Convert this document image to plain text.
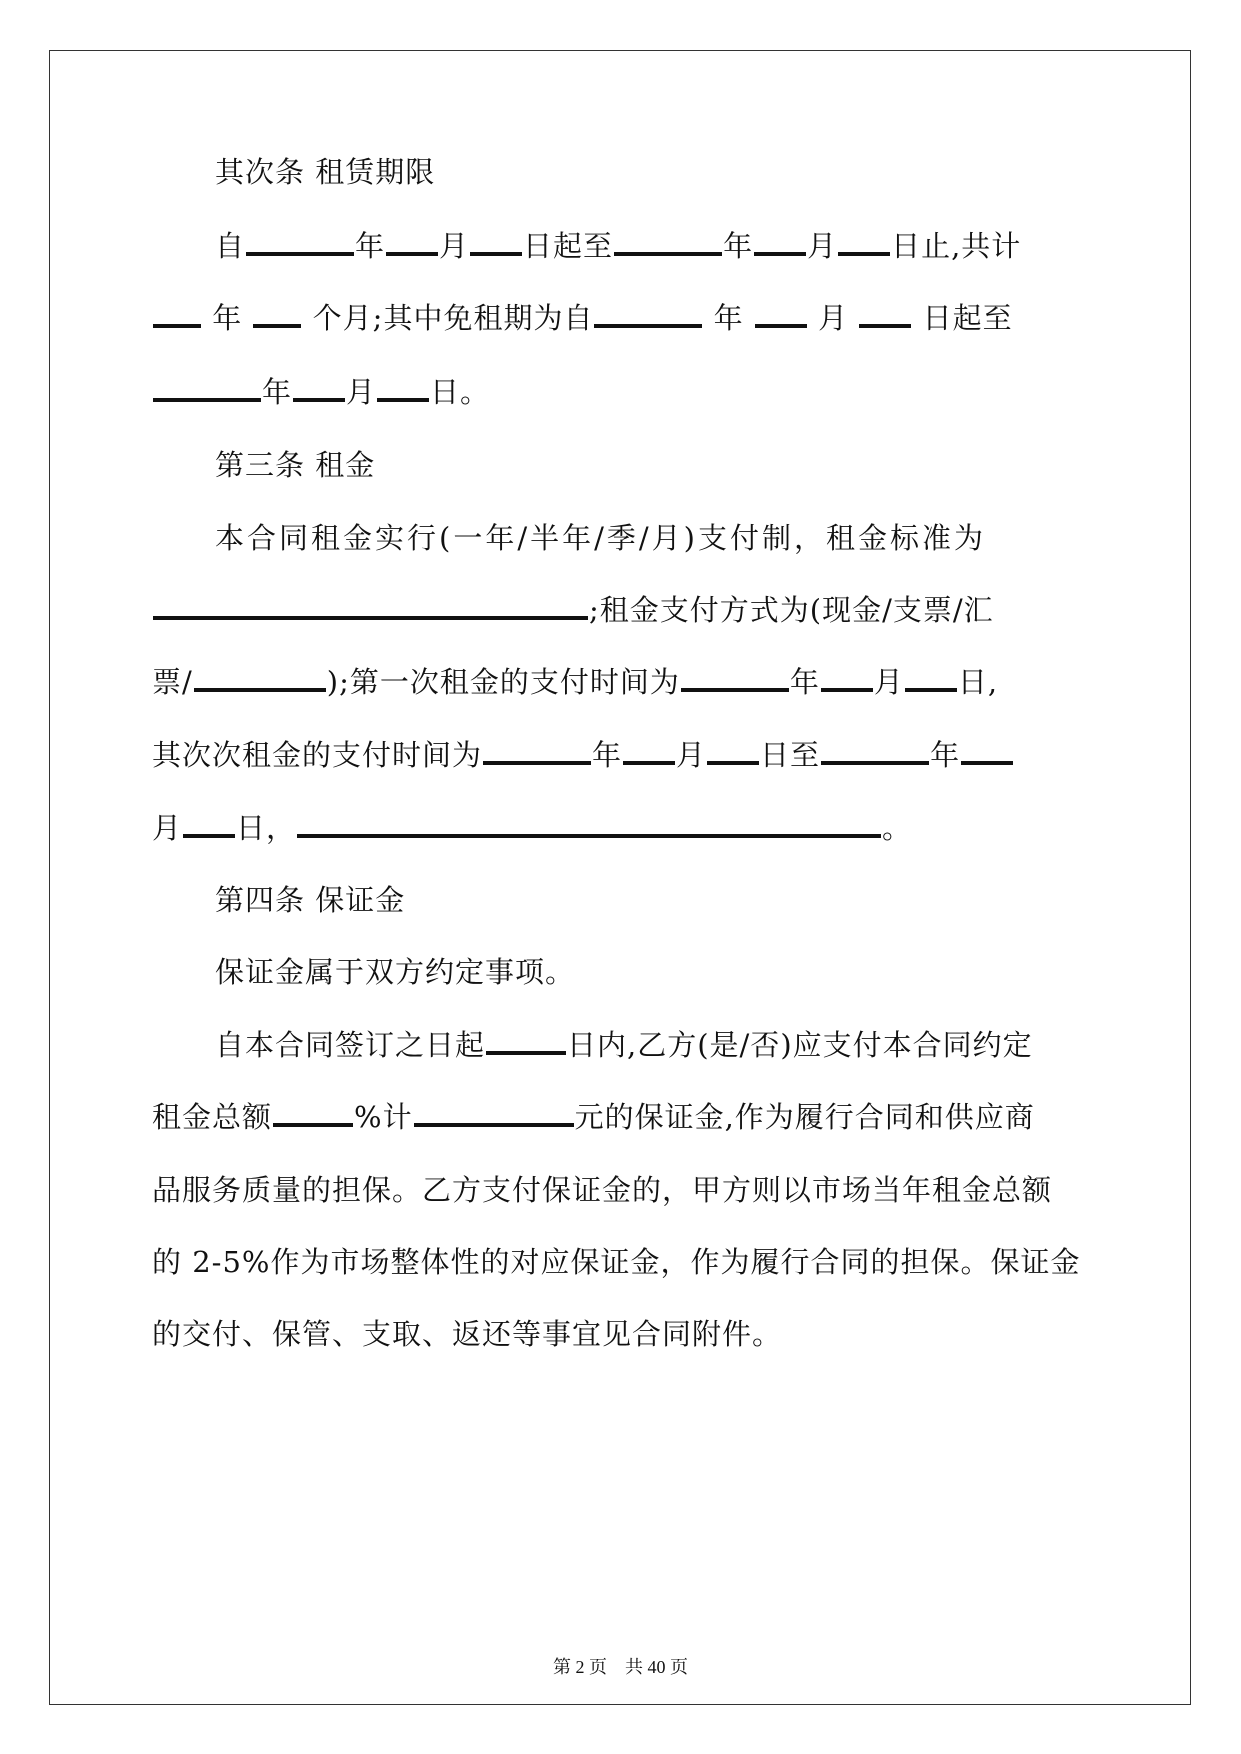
其次条 租赁期限
自	年 月 日起至	年 月 日止,共计
年 个月;其中免租期为自	年	月	日起至
年 月 日。
第三条 租金
本合同租金实行(一年/半年/季/月)支付制，租金标准为
;租金支付方式为(现金/支票/汇
票/	);第一次租金的支付时间为	年 月 日,
其次次租金的支付时间为	年 月 日至	年
月 日，	。
第四条 保证金
保证金属于双方约定事项。
自本合同签订之日起	日内,乙方(是/否)应支付本合同约定
租金总额	%计	元的保证金,作为履行合同和供应商
品服务质量的担保。乙方支付保证金的，甲方则以市场当年租金总额
的 2-5%作为市场整体性的对应保证金，作为履行合同的担保。保证金
的交付、保管、支取、返还等事宜见合同附件。
第 2 页　共 40 页
